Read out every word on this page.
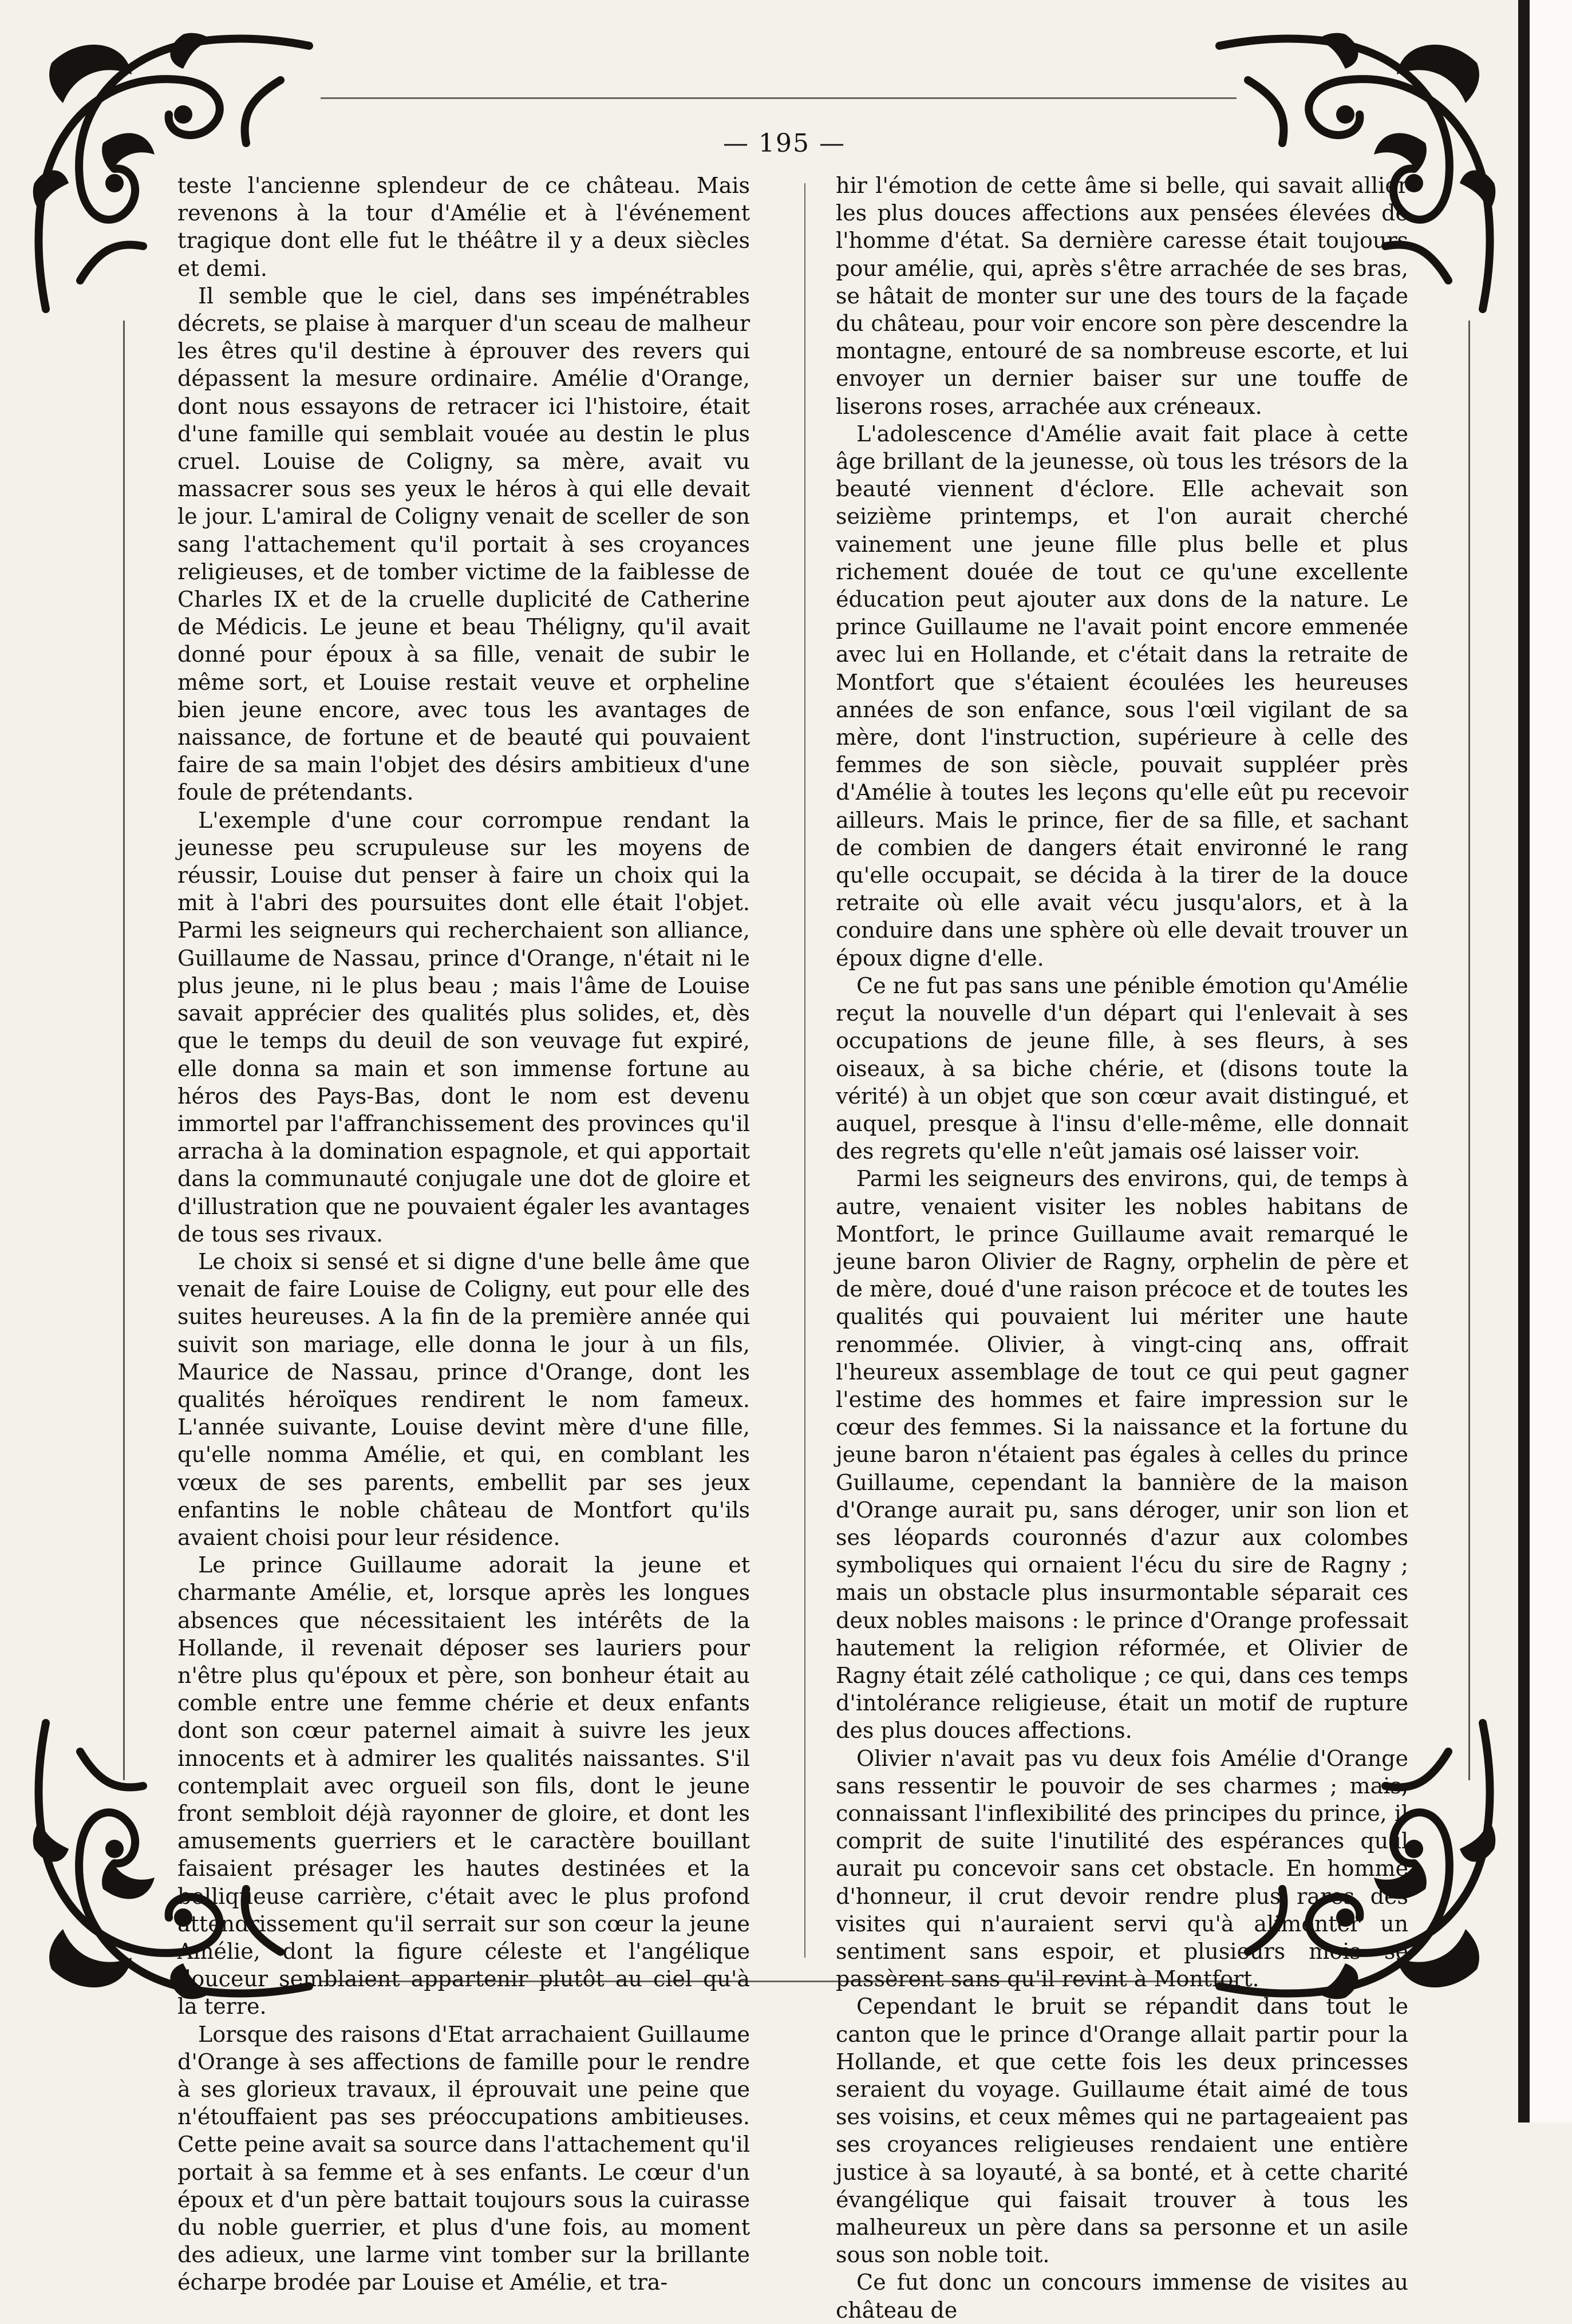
— 195 —

teste l'ancienne splendeur de ce château. Mais revenons à la tour d'Amélie et à l'événement tragique dont elle fut le théâtre il y a deux siècles et demi.

Il semble que le ciel, dans ses impénétrables décrets, se plaise à marquer d'un sceau de malheur les êtres qu'il destine à éprouver des revers qui dépassent la mesure ordinaire. Amélie d'Orange, dont nous essayons de retracer ici l'histoire, était d'une famille qui semblait vouée au destin le plus cruel. Louise de Coligny, sa mère, avait vu massacrer sous ses yeux le héros à qui elle devait le jour. L'amiral de Coligny venait de sceller de son sang l'attachement qu'il portait à ses croyances religieuses, et de tomber victime de la faiblesse de Charles IX et de la cruelle duplicité de Catherine de Médicis. Le jeune et beau Théligny, qu'il avait donné pour époux à sa fille, venait de subir le même sort, et Louise restait veuve et orpheline bien jeune encore, avec tous les avantages de naissance, de fortune et de beauté qui pouvaient faire de sa main l'objet des désirs ambitieux d'une foule de prétendants.

L'exemple d'une cour corrompue rendant la jeunesse peu scrupuleuse sur les moyens de réussir, Louise dut penser à faire un choix qui la mit à l'abri des poursuites dont elle était l'objet. Parmi les seigneurs qui recherchaient son alliance, Guillaume de Nassau, prince d'Orange, n'était ni le plus jeune, ni le plus beau ; mais l'âme de Louise savait apprécier des qualités plus solides, et, dès que le temps du deuil de son veuvage fut expiré, elle donna sa main et son immense fortune au héros des Pays-Bas, dont le nom est devenu immortel par l'affranchissement des provinces qu'il arracha à la domination espagnole, et qui apportait dans la communauté conjugale une dot de gloire et d'illustration que ne pouvaient égaler les avantages de tous ses rivaux.

Le choix si sensé et si digne d'une belle âme que venait de faire Louise de Coligny, eut pour elle des suites heureuses. A la fin de la première année qui suivit son mariage, elle donna le jour à un fils, Maurice de Nassau, prince d'Orange, dont les qualités héroïques rendirent le nom fameux. L'année suivante, Louise devint mère d'une fille, qu'elle nomma Amélie, et qui, en comblant les vœux de ses parents, embellit par ses jeux enfantins le noble château de Montfort qu'ils avaient choisi pour leur résidence.

Le prince Guillaume adorait la jeune et charmante Amélie, et, lorsque après les longues absences que nécessitaient les intérêts de la Hollande, il revenait déposer ses lauriers pour n'être plus qu'époux et père, son bonheur était au comble entre une femme chérie et deux enfants dont son cœur paternel aimait à suivre les jeux innocents et à admirer les qualités naissantes. S'il contemplait avec orgueil son fils, dont le jeune front sembloit déjà rayonner de gloire, et dont les amusements guerriers et le caractère bouillant faisaient présager les hautes destinées et la belliqueuse carrière, c'était avec le plus profond attendrissement qu'il serrait sur son cœur la jeune Amélie, dont la figure céleste et l'angélique douceur semblaient appartenir plutôt au ciel qu'à la terre.

Lorsque des raisons d'Etat arrachaient Guillaume d'Orange à ses affections de famille pour le rendre à ses glorieux travaux, il éprouvait une peine que n'étouffaient pas ses préoccupations ambitieuses. Cette peine avait sa source dans l'attachement qu'il portait à sa femme et à ses enfants. Le cœur d'un époux et d'un père battait toujours sous la cuirasse du noble guerrier, et plus d'une fois, au moment des adieux, une larme vint tomber sur la brillante écharpe brodée par Louise et Amélie, et tra-

hir l'émotion de cette âme si belle, qui savait allier les plus douces affections aux pensées élevées de l'homme d'état. Sa dernière caresse était toujours pour amélie, qui, après s'être arrachée de ses bras, se hâtait de monter sur une des tours de la façade du château, pour voir encore son père descendre la montagne, entouré de sa nombreuse escorte, et lui envoyer un dernier baiser sur une touffe de liserons roses, arrachée aux créneaux.

L'adolescence d'Amélie avait fait place à cette âge brillant de la jeunesse, où tous les trésors de la beauté viennent d'éclore. Elle achevait son seizième printemps, et l'on aurait cherché vainement une jeune fille plus belle et plus richement douée de tout ce qu'une excellente éducation peut ajouter aux dons de la nature. Le prince Guillaume ne l'avait point encore emmenée avec lui en Hollande, et c'était dans la retraite de Montfort que s'étaient écoulées les heureuses années de son enfance, sous l'œil vigilant de sa mère, dont l'instruction, supérieure à celle des femmes de son siècle, pouvait suppléer près d'Amélie à toutes les leçons qu'elle eût pu recevoir ailleurs. Mais le prince, fier de sa fille, et sachant de combien de dangers était environné le rang qu'elle occupait, se décida à la tirer de la douce retraite où elle avait vécu jusqu'alors, et à la conduire dans une sphère où elle devait trouver un époux digne d'elle.

Ce ne fut pas sans une pénible émotion qu'Amélie reçut la nouvelle d'un départ qui l'enlevait à ses occupations de jeune fille, à ses fleurs, à ses oiseaux, à sa biche chérie, et (disons toute la vérité) à un objet que son cœur avait distingué, et auquel, presque à l'insu d'elle-même, elle donnait des regrets qu'elle n'eût jamais osé laisser voir.

Parmi les seigneurs des environs, qui, de temps à autre, venaient visiter les nobles habitans de Montfort, le prince Guillaume avait remarqué le jeune baron Olivier de Ragny, orphelin de père et de mère, doué d'une raison précoce et de toutes les qualités qui pouvaient lui mériter une haute renommée. Olivier, à vingt-cinq ans, offrait l'heureux assemblage de tout ce qui peut gagner l'estime des hommes et faire impression sur le cœur des femmes. Si la naissance et la fortune du jeune baron n'étaient pas égales à celles du prince Guillaume, cependant la bannière de la maison d'Orange aurait pu, sans déroger, unir son lion et ses léopards couronnés d'azur aux colombes symboliques qui ornaient l'écu du sire de Ragny ; mais un obstacle plus insurmontable séparait ces deux nobles maisons : le prince d'Orange professait hautement la religion réformée, et Olivier de Ragny était zélé catholique ; ce qui, dans ces temps d'intolérance religieuse, était un motif de rupture des plus douces affections.

Olivier n'avait pas vu deux fois Amélie d'Orange sans ressentir le pouvoir de ses charmes ; mais, connaissant l'inflexibilité des principes du prince, il comprit de suite l'inutilité des espérances qu'il aurait pu concevoir sans cet obstacle. En homme d'honneur, il crut devoir rendre plus rares des visites qui n'auraient servi qu'à alimenter un sentiment sans espoir, et plusieurs mois se passèrent sans qu'il revint à Montfort.

Cependant le bruit se répandit dans tout le canton que le prince d'Orange allait partir pour la Hollande, et que cette fois les deux princesses seraient du voyage. Guillaume était aimé de tous ses voisins, et ceux mêmes qui ne partageaient pas ses croyances religieuses rendaient une entière justice à sa loyauté, à sa bonté, et à cette charité évangélique qui faisait trouver à tous les malheureux un père dans sa personne et un asile sous son noble toit.

Ce fut donc un concours immense de visites au château de
